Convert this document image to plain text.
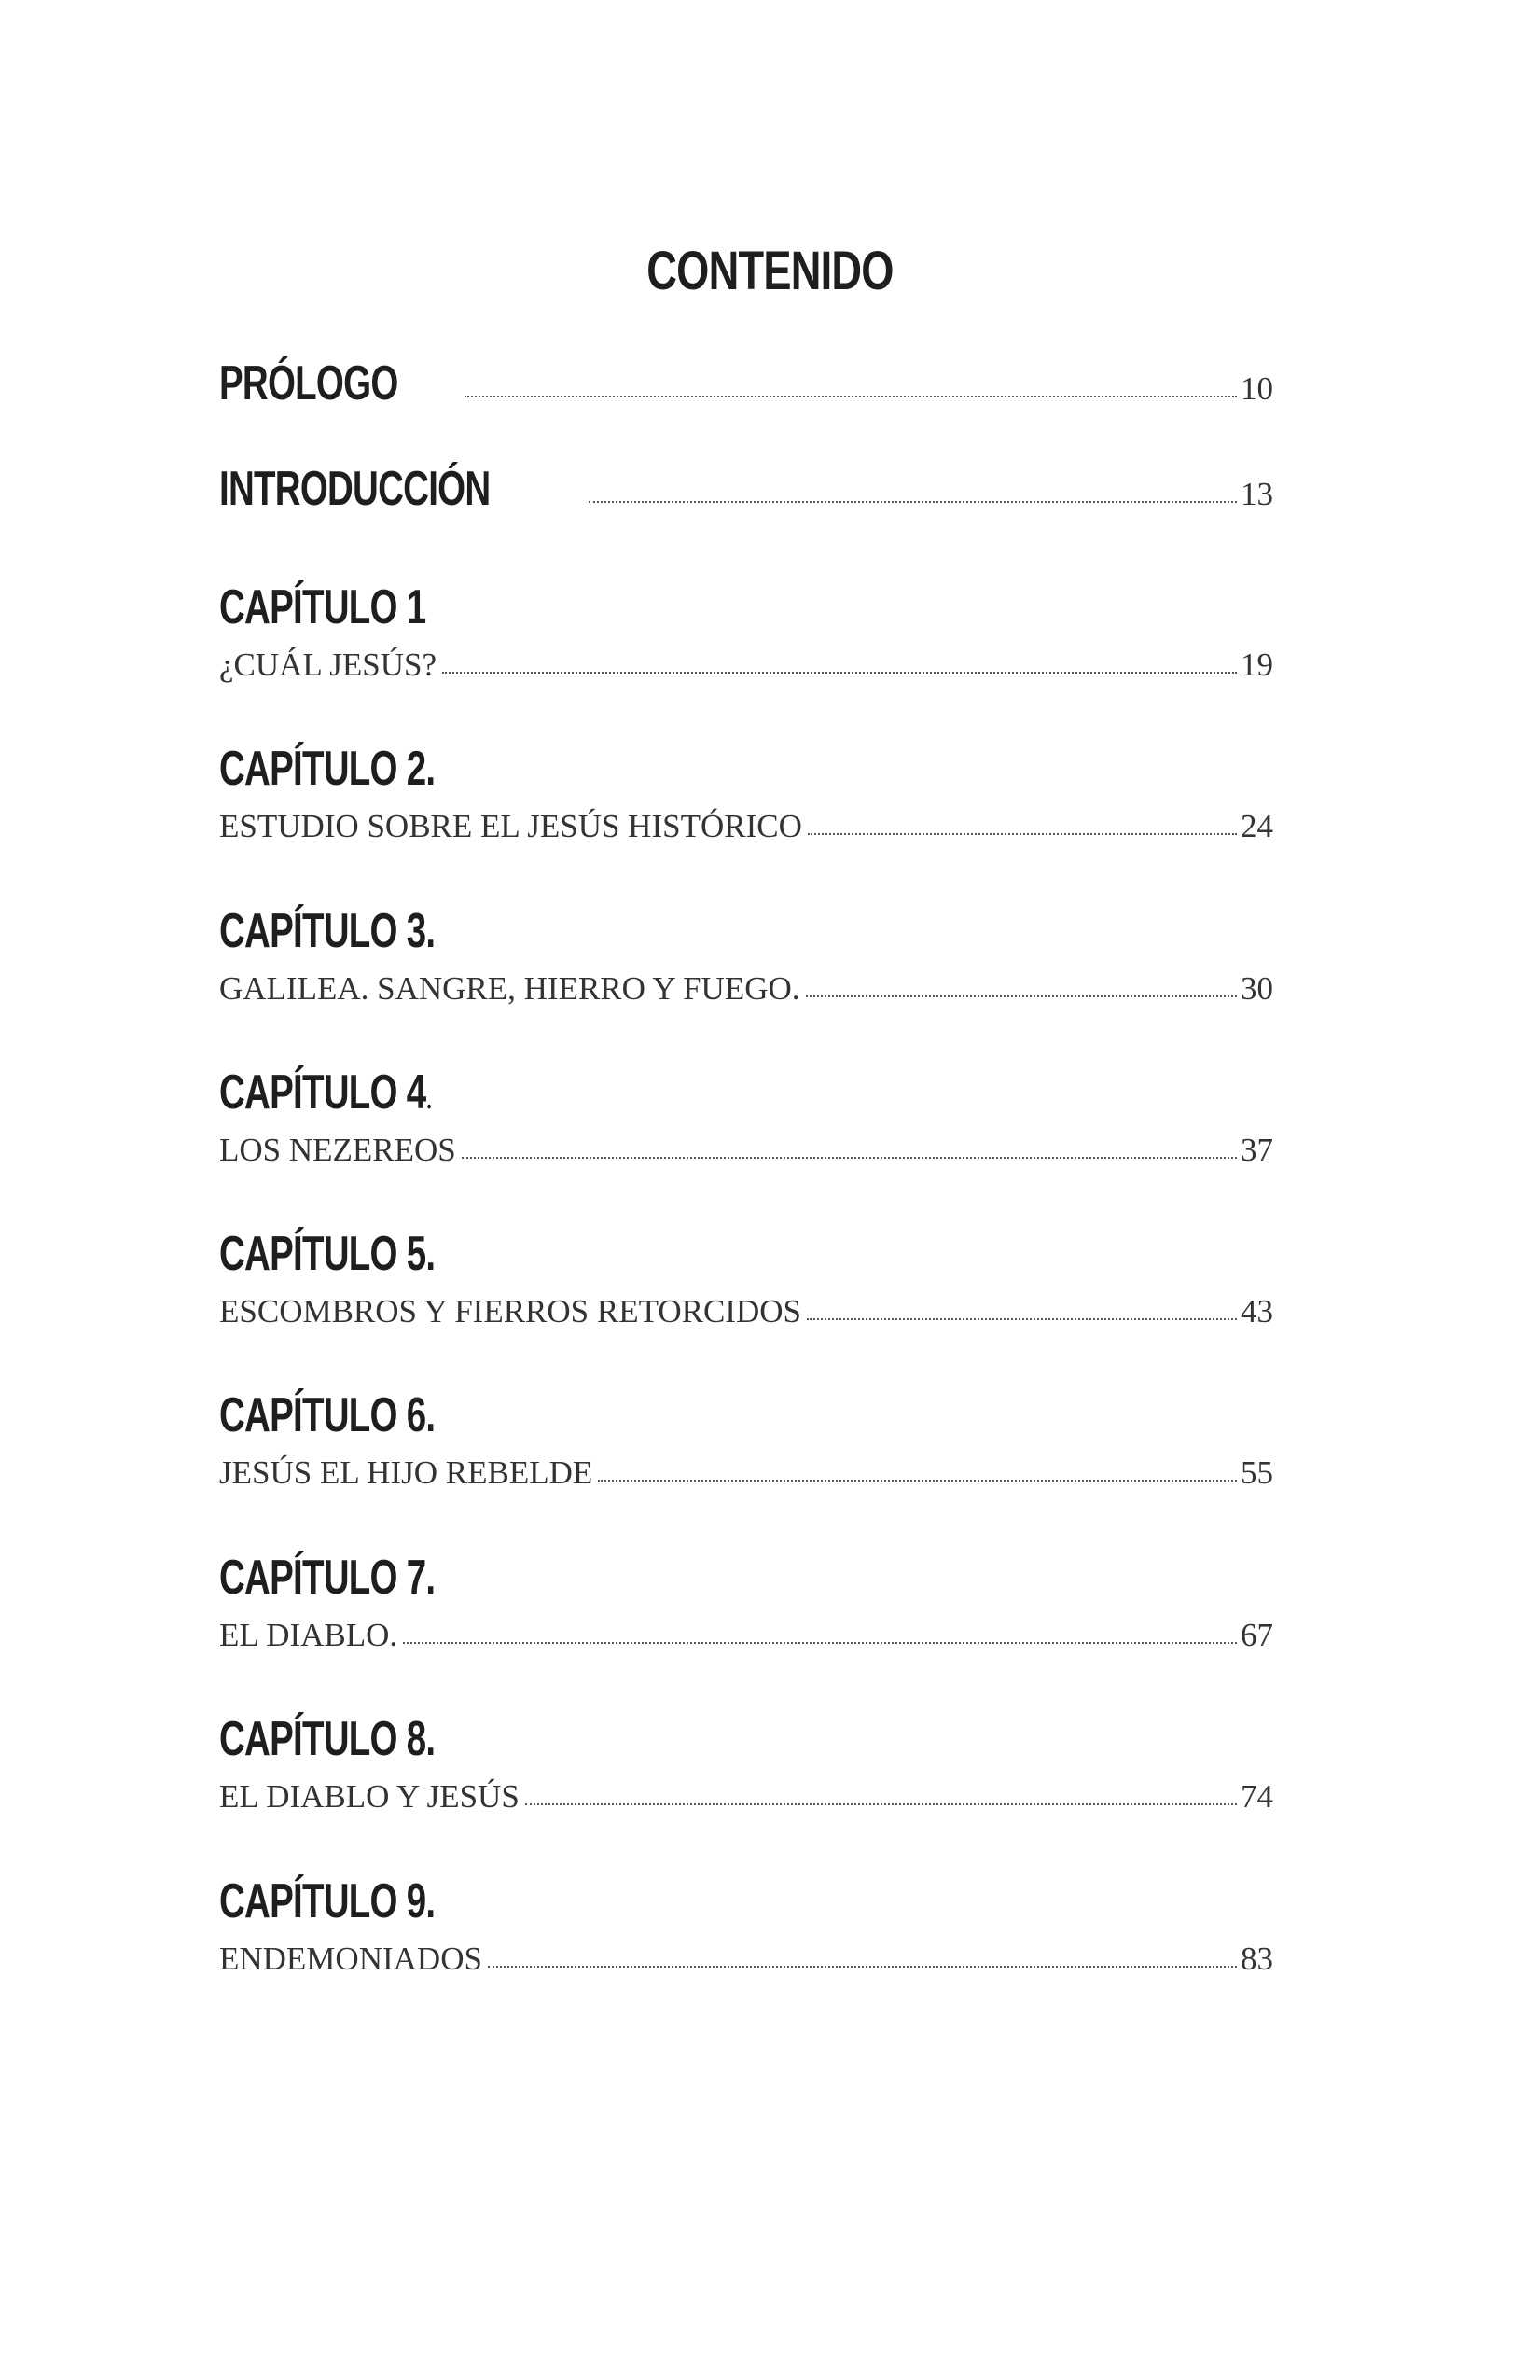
CONTENIDO
PRÓLOGO	10
INTRODUCCIÓN	13
CAPÍTULO 1
¿CUÁL JESÚS?	19
CAPÍTULO 2.
ESTUDIO SOBRE EL JESÚS HISTÓRICO	24
CAPÍTULO 3.
GALILEA. SANGRE, HIERRO Y FUEGO.	30
CAPÍTULO 4.
LOS NEZEREOS	37
CAPÍTULO 5.
ESCOMBROS Y FIERROS RETORCIDOS	43
CAPÍTULO 6.
JESÚS EL HIJO REBELDE	55
CAPÍTULO 7.
EL DIABLO.	67
CAPÍTULO 8.
EL DIABLO Y JESÚS	74
CAPÍTULO 9.
ENDEMONIADOS	83
